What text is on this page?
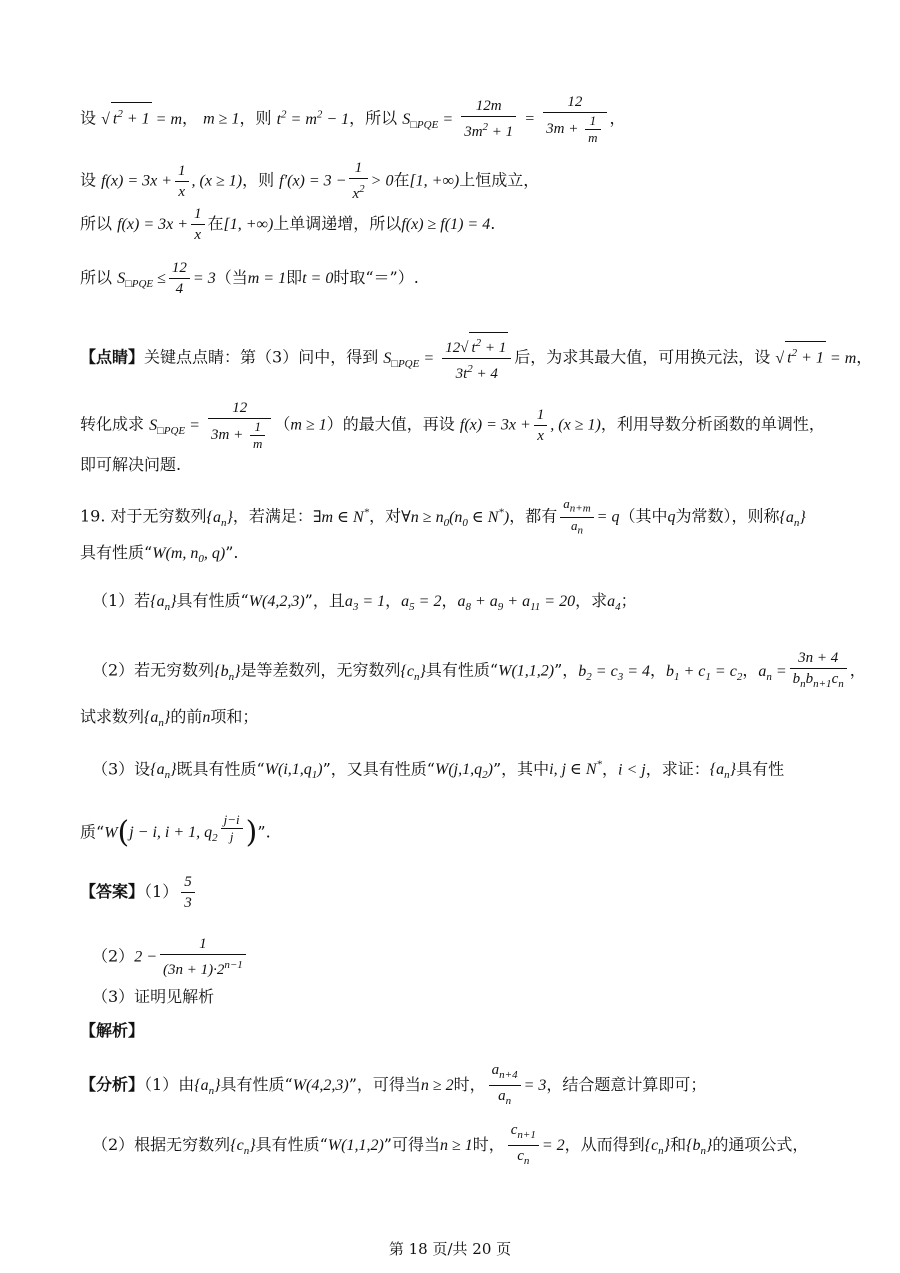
设 √ $t^2 + 1 = m$， m ≥ 1，则 $t^2 = m^2 - 1$，所以 $S_{□PQE} = \frac{12m}{3m^2 + 1} = \frac{12}{3m + \frac{1}{m}}$ ，
设 $f(x) = 3x + \frac{1}{x}$ , (x ≥ 1)，则 $f'(x) = 3 - \frac{1}{x^2} > 0$在[1, +∞)上恒成立，
所以 $f(x) = 3x + \frac{1}{x}$ 在[1, +∞)上单调递增，所以f(x) ≥ f(1) = 4.
所以 $S_{□PQE} \le \frac{12}{4} = 3$（当m = 1即t = 0时取“＝”）.
【点睛】关键点点睛：第（3）问中，得到 $S_{□PQE} = \frac{12√ t^2 + 1}{3t^2 + 4}$ 后，为求其最大值，可用换元法，设 √ $t^2 + 1 = m$，
转化成求 $S_{□PQE} = \frac{12}{3m + \frac{1}{m}} (m \ge 1)$的最大值，再设 $f(x) = 3x + \frac{1}{x}$ , (x ≥ 1)，利用导数分析函数的单调性，
即可解决问题.
19. 对于无穷数列$\{a_n\}$，若满足：∃m ∈ N*，对∀n ≥ $n_0(n_0$ ∈ N*)，都有 $\frac{a_{n+m}}{a_n} = q$（其中q为常数），则称$\{a_n\}$
具有性质“W(m, $n_0$, q)”.
（1）若$\{a_n\}$具有性质“W(4,2,3)”，且$a_3 = 1$，$a_5 = 2$，$a_8 + a_9 + a_{11} = 20$，求$a_4$；
（2）若无穷数列$\{b_n\}$是等差数列，无穷数列$\{c_n\}$具有性质“W(1,1,2)”，$b_2 = c_3 = 4$，$b_1 + c_1 = c_2$，$a_n = \frac{3n + 4}{b_nb_{n+1}c_n}$ ，
试求数列$\{a_n\}$的前n项和；
（3）设$\{a_n\}$既具有性质“$W(i,1,q_1)$”，又具有性质“$W(j,1,q_2)$”，其中i, j ∈ N*，i < j，求证：$\{a_n\}$具有性
质“W(j − i, i + 1, $q_2$ $^{\frac{j-i}{j}}$ )”.
【答案】$(1) \frac{5}{3}$
$(2)2 - \frac{1}{(3n + 1)\cdot 2^{n-1}}$
（3）证明见解析
【解析】
【分析】（1）由$\{a_n\}$具有性质“W(4,2,3)”，可得当n ≥ 2时， $\frac{a_{n+4}}{a_n} = 3$，结合题意计算即可；
（2）根据无穷数列$\{c_n\}$具有性质“W(1,1,2)”可得当n ≥ 1时， $\frac{c_{n+1}}{c_n} = 2$，从而得到$\{c_n\}$和$\{b_n\}$的通项公式，
第 18 页/共 20 页
